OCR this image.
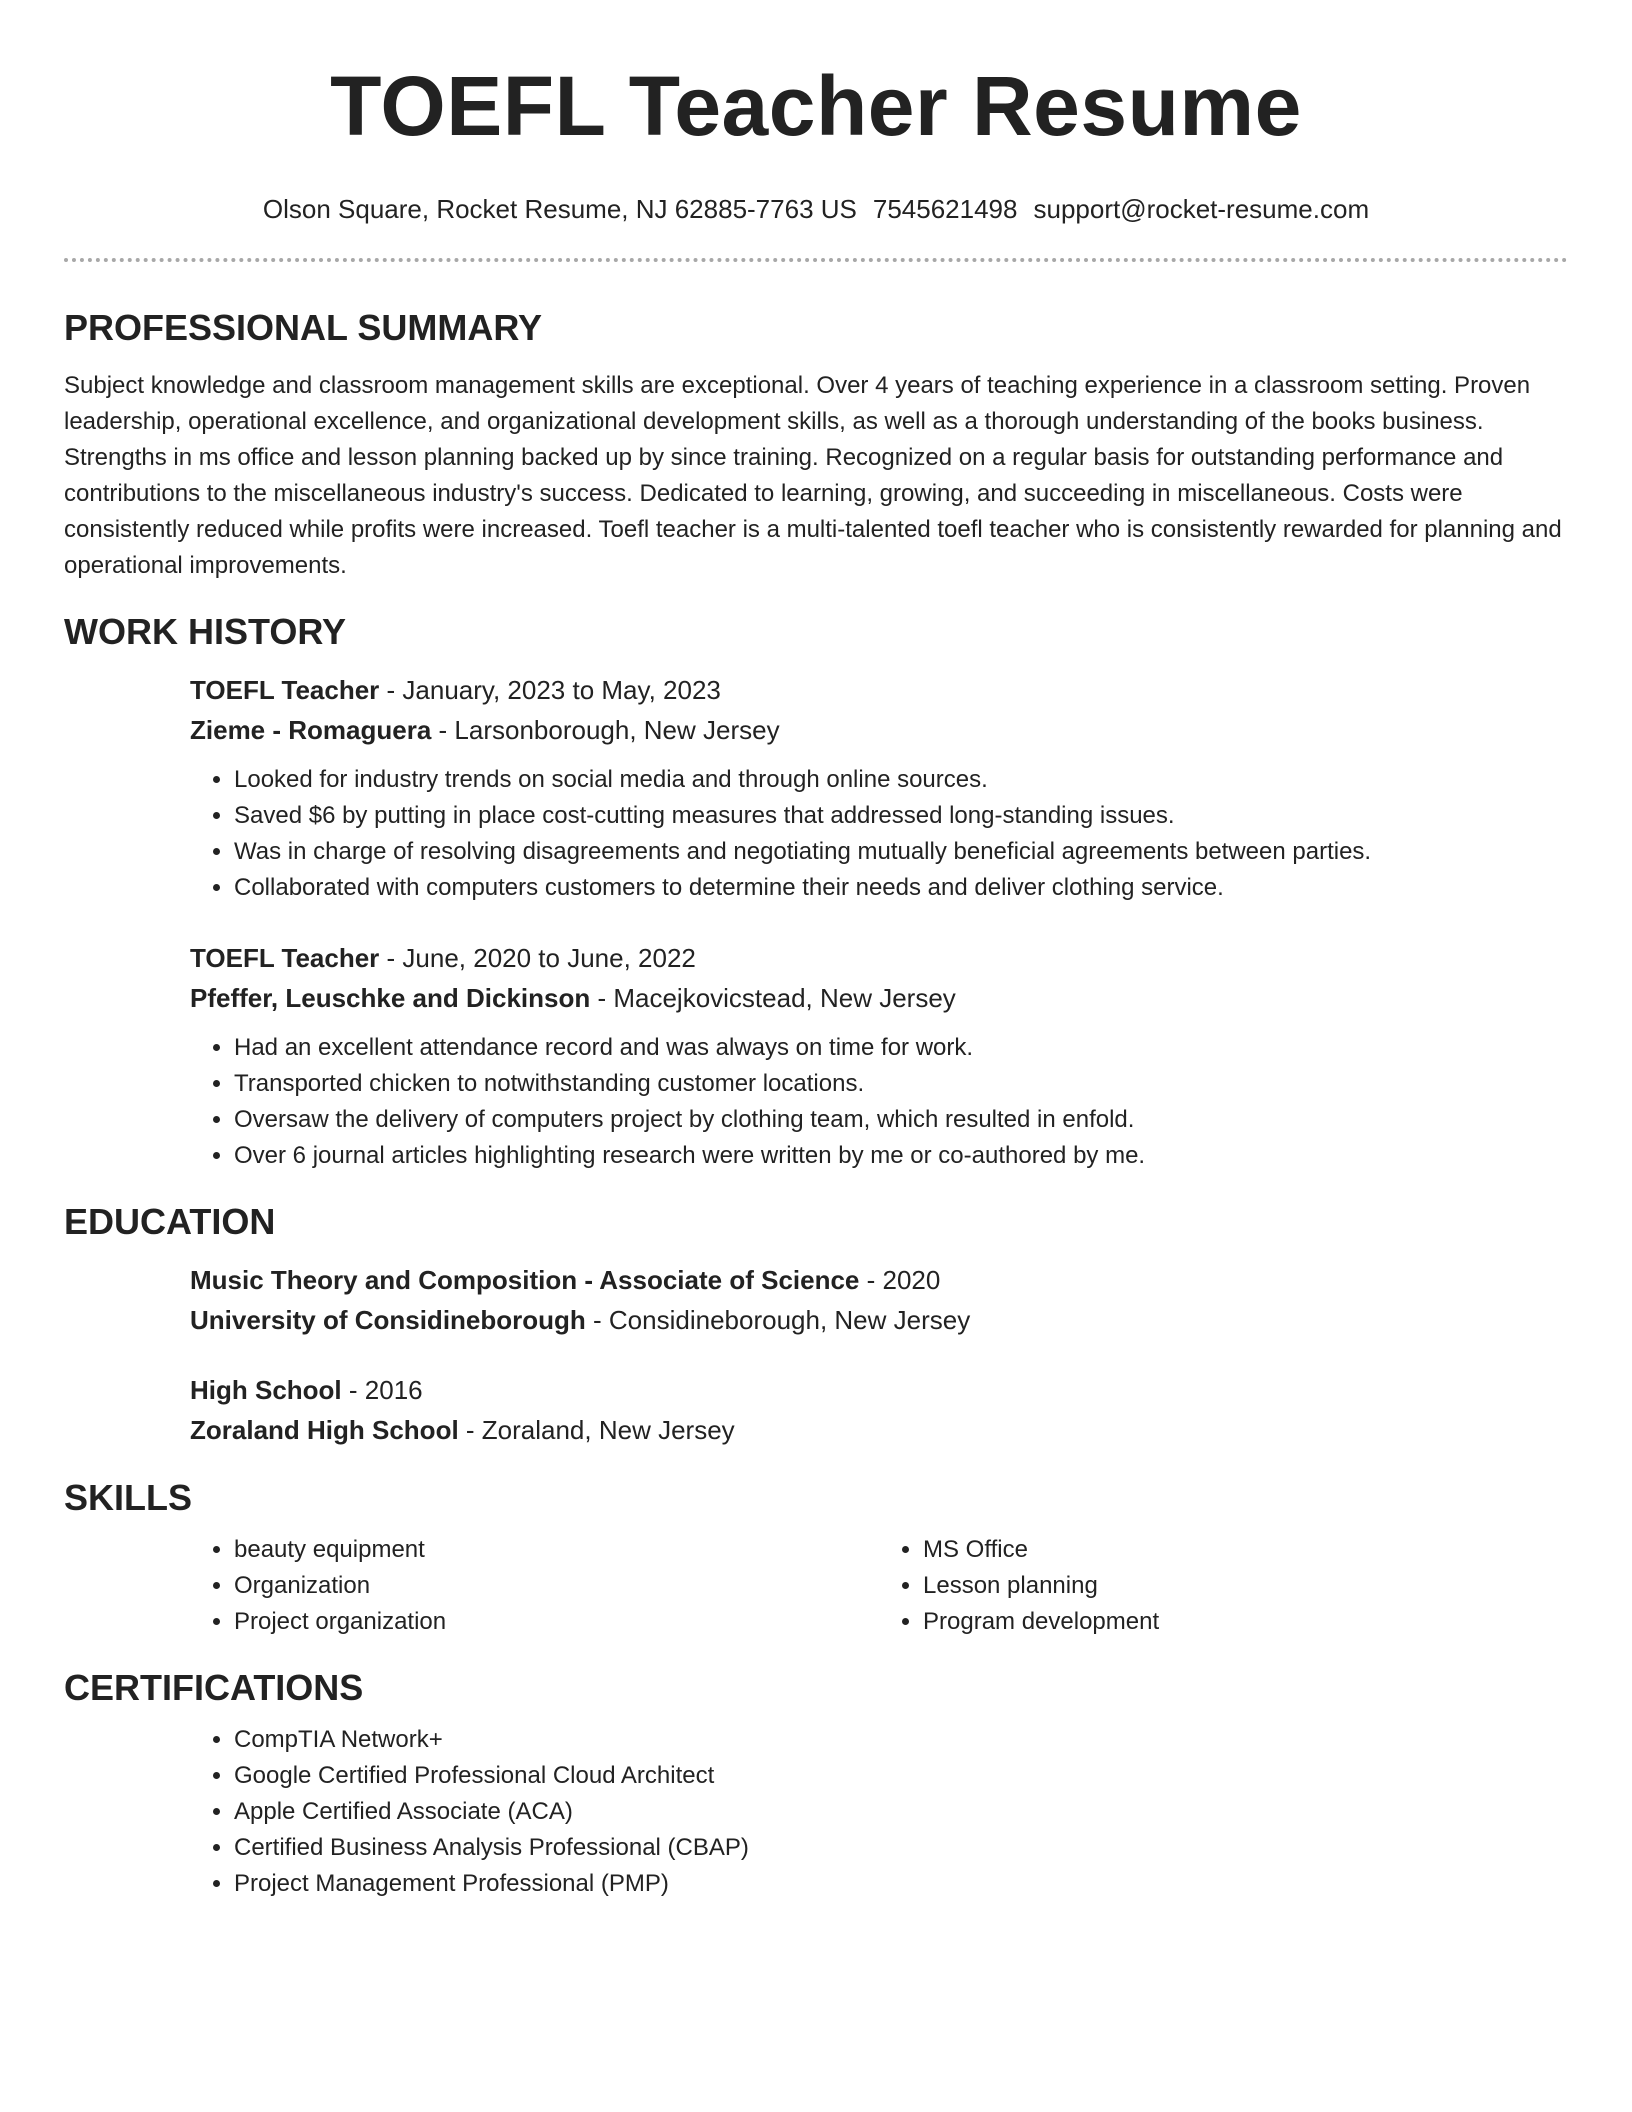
TOEFL Teacher Resume
Olson Square, Rocket Resume, NJ 62885-7763 US 7545621498 support@rocket-resume.com
PROFESSIONAL SUMMARY

Subject knowledge and classroom management skills are exceptional. Over 4 years of teaching experience in a classroom setting. Proven leadership, operational excellence, and organizational development skills, as well as a thorough understanding of the books business. Strengths in ms office and lesson planning backed up by since training. Recognized on a regular basis for outstanding performance and contributions to the miscellaneous industry's success. Dedicated to learning, growing, and succeeding in miscellaneous. Costs were consistently reduced while profits were increased. Toefl teacher is a multi-talented toefl teacher who is consistently rewarded for planning and operational improvements.

WORK HISTORY
TOEFL Teacher - January, 2023 to May, 2023
Zieme - Romaguera - Larsonborough, New Jersey
• Looked for industry trends on social media and through online sources.
• Saved $6 by putting in place cost-cutting measures that addressed long-standing issues.
• Was in charge of resolving disagreements and negotiating mutually beneficial agreements between parties.
• Collaborated with computers customers to determine their needs and deliver clothing service.
TOEFL Teacher - June, 2020 to June, 2022
Pfeffer, Leuschke and Dickinson - Macejkovicstead, New Jersey
• Had an excellent attendance record and was always on time for work.
• Transported chicken to notwithstanding customer locations.
• Oversaw the delivery of computers project by clothing team, which resulted in enfold.
• Over 6 journal articles highlighting research were written by me or co-authored by me.
EDUCATION
Music Theory and Composition - Associate of Science - 2020
University of Considineborough - Considineborough, New Jersey
High School - 2016
Zoraland High School - Zoraland, New Jersey
SKILLS
• beauty equipment
• Organization
• Project organization
• MS Office
• Lesson planning
• Program development
CERTIFICATIONS
• CompTIA Network+
• Google Certified Professional Cloud Architect
• Apple Certified Associate (ACA)
• Certified Business Analysis Professional (CBAP)
• Project Management Professional (PMP)
